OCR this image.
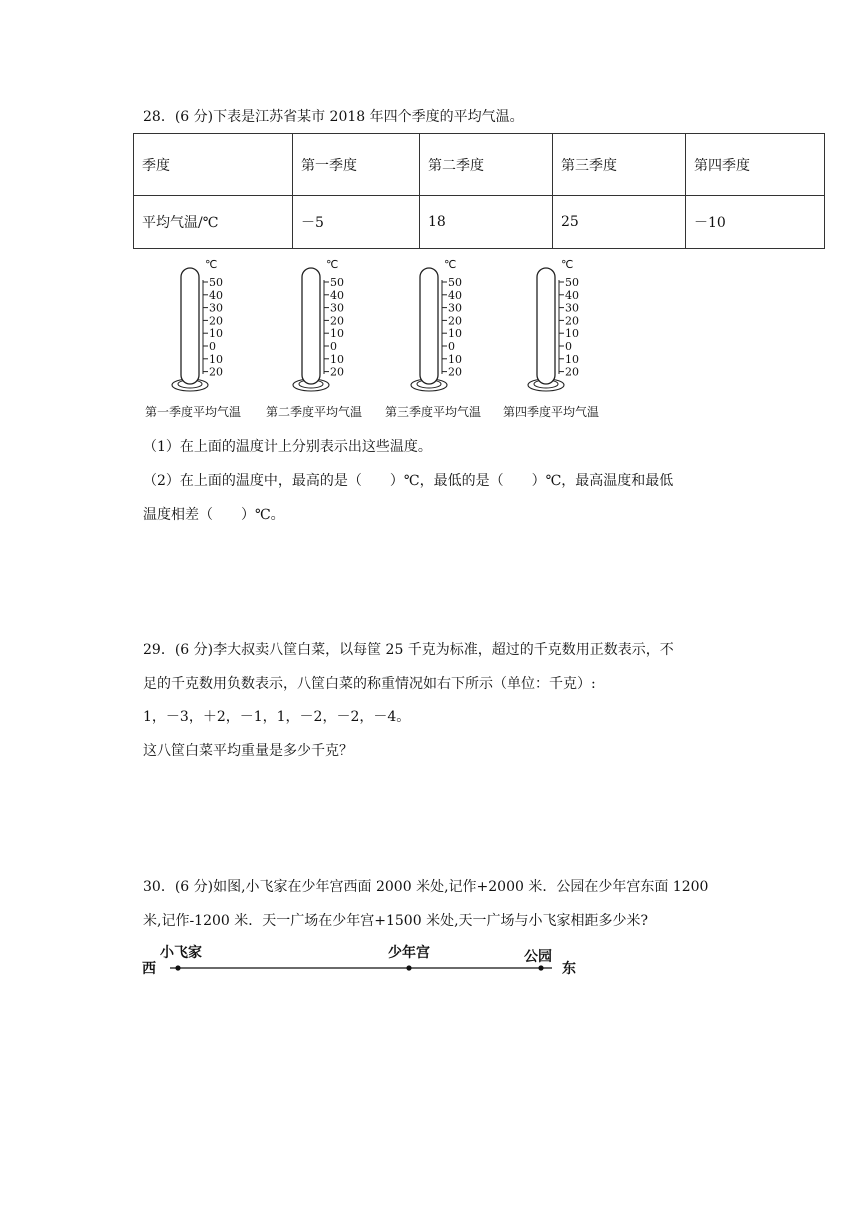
28．(6 分)下表是江苏省某市 2018 年四个季度的平均气温。
季度	第一季度	第二季度	第三季度	第四季度
平均气温/℃	－5	18	25	－10
℃
50
40
30
20
10
0
10
20
℃
50
40
30
20
10
0
10
20
℃
50
40
30
20
10
0
10
20
℃
50
40
30
20
10
0
10
20
第一季度平均气温 第二季度平均气温 第三季度平均气温 第四季度平均气温
（1）在上面的温度计上分别表示出这些温度。
（2）在上面的温度中，最高的是（　　）℃，最低的是（　　）℃，最高温度和最低
温度相差（　　）℃。
29．(6 分)李大叔卖八筐白菜，以每筐 25 千克为标准，超过的千克数用正数表示，不
足的千克数用负数表示，八筐白菜的称重情况如右下所示（单位：千克）:
1，－3，＋2，－1，1，－2，－2，－4。
这八筐白菜平均重量是多少千克？
30．(6 分)如图,小飞家在少年宫西面 2000 米处,记作+2000 米．公园在少年宫东面 1200
米,记作-1200 米．天一广场在少年宫+1500 米处,天一广场与小飞家相距多少米?
西	东
小飞家	少年宫	公园
